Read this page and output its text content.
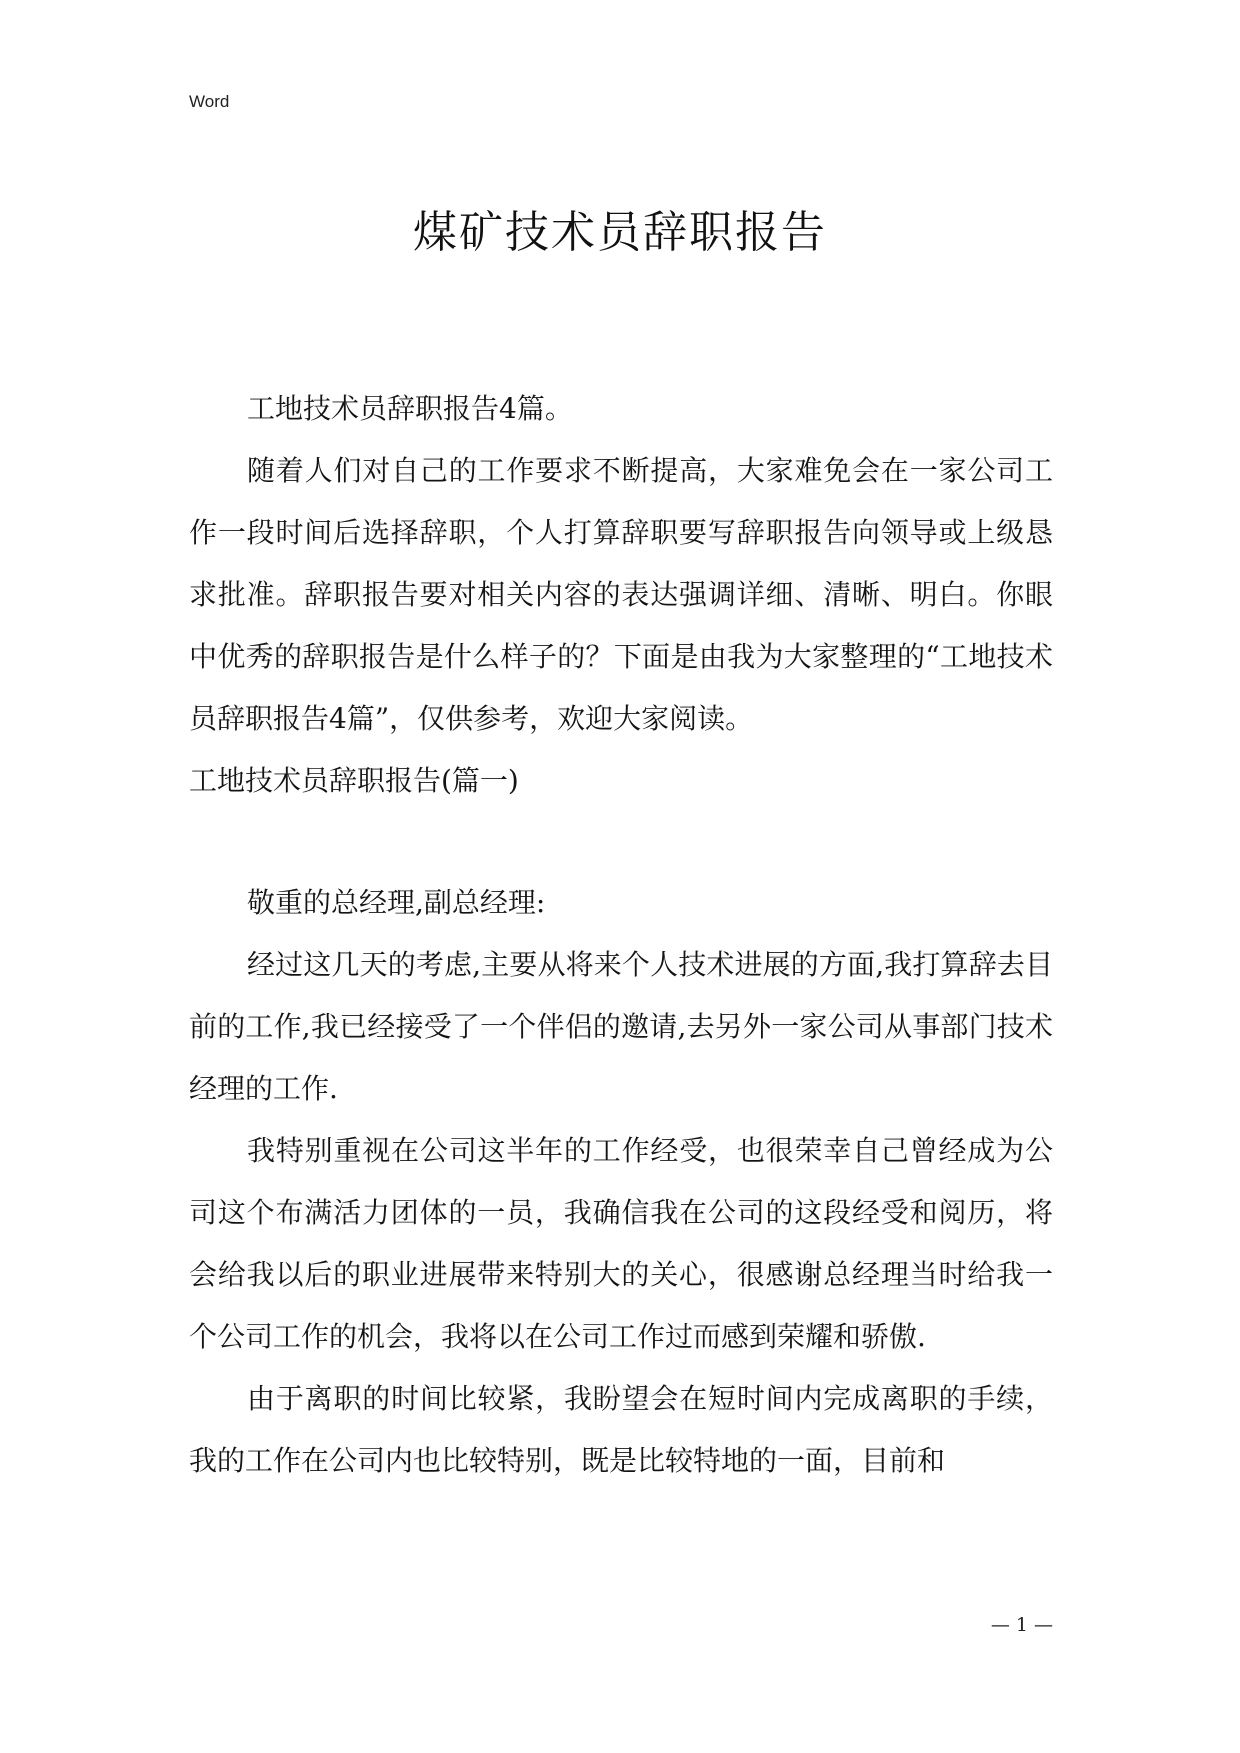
Word
煤矿技术员辞职报告

工地技术员辞职报告4篇。

随着人们对自己的工作要求不断提高，大家难免会在一家公司工作一段时间后选择辞职，个人打算辞职要写辞职报告向领导或上级恳求批准。辞职报告要对相关内容的表达强调详细、清晰、明白。你眼中优秀的辞职报告是什么样子的？下面是由我为大家整理的“工地技术员辞职报告4篇”，仅供参考，欢迎大家阅读。

工地技术员辞职报告(篇一)

敬重的总经理,副总经理:

经过这几天的考虑,主要从将来个人技术进展的方面,我打算辞去目前的工作,我已经接受了一个伴侣的邀请,去另外一家公司从事部门技术经理的工作.

我特别重视在公司这半年的工作经受，也很荣幸自己曾经成为公司这个布满活力团体的一员，我确信我在公司的这段经受和阅历，将会给我以后的职业进展带来特别大的关心，很感谢总经理当时给我一个公司工作的机会，我将以在公司工作过而感到荣耀和骄傲.

由于离职的时间比较紧，我盼望会在短时间内完成离职的手续，我的工作在公司内也比较特别，既是比较特地的一面，目前和

— 1 —
